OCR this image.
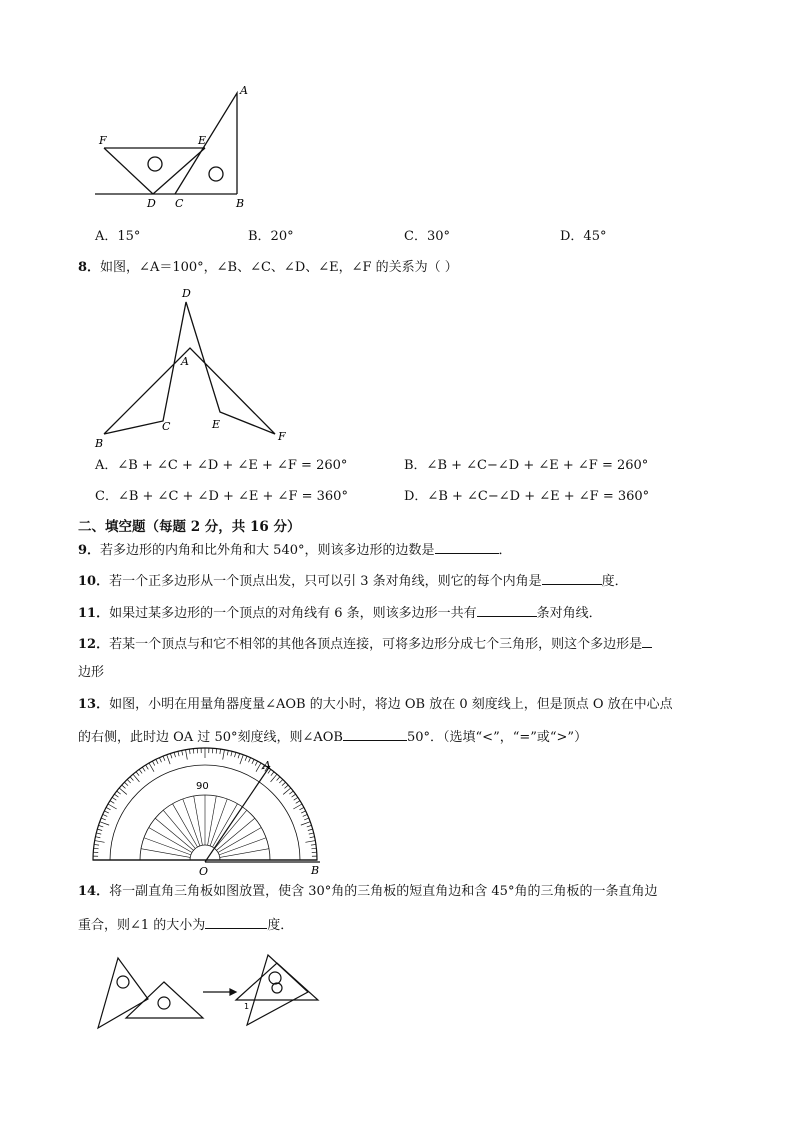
A
F	E
D C	B
A．15°	B．20°	C．30°	D．45°
8．如图，∠A＝100°，∠B、∠C、∠D、∠E，∠F 的关系为（ ）
D
A
C	E
B
F
A．∠B + ∠C + ∠D + ∠E + ∠F = 260°	B．∠B + ∠C−∠D + ∠E + ∠F = 260°
C．∠B + ∠C + ∠D + ∠E + ∠F = 360°	D．∠B + ∠C−∠D + ∠E + ∠F = 360°
二、填空题（每题 2 分，共 16 分）
9．若多边形的内角和比外角和大 540°，则该多边形的边数是	．
10．若一个正多边形从一个顶点出发，只可以引 3 条对角线，则它的每个内角是	度．
11．如果过某多边形的一个顶点的对角线有 6 条，则该多边形一共有	条对角线．
12．若某一个顶点与和它不相邻的其他各顶点连接，可将多边形分成七个三角形，则这个多边形是
边形
13．如图，小明在用量角器度量∠AOB 的大小时，将边 OB 放在 0 刻度线上，但是顶点 O 放在中心点
的右侧，此时边 OA 过 50°刻度线，则∠AOB	50°．（选填“<”，“=”或“>”）
A
B
O
90
14．将一副直角三角板如图放置，使含 30°角的三角板的短直角边和含 45°角的三角板的一条直角边
重合，则∠1 的大小为	度．
1
